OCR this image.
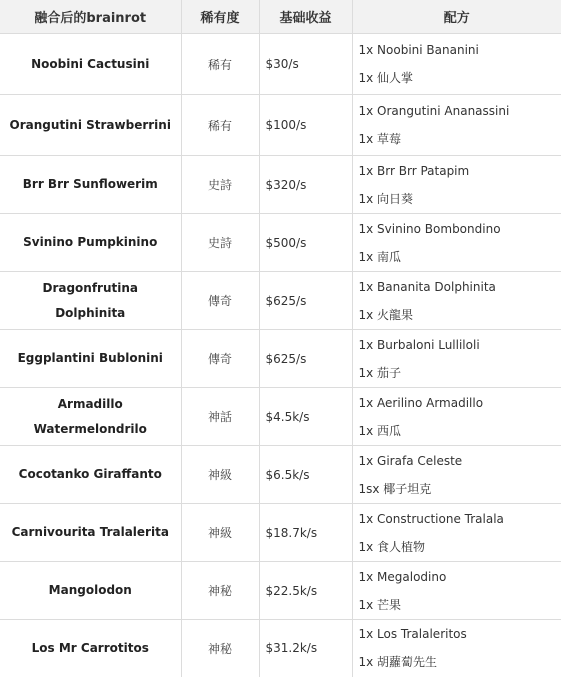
融合后的brainrot	稀有度	基础收益	配方
Noobini Cactusini	稀有	$30/s	1x Noobini Bananini
1x 仙人掌

Orangutini Strawberrini	稀有	$100/s	1x Orangutini Ananassini
1x 草莓

Brr Brr Sunflowerim	史詩	$320/s	1x Brr Brr Patapim
1x 向日葵

Svinino Pumpkinino	史詩	$500/s	1x Svinino Bombondino
1x 南瓜

Dragonfrutina Dolphinita	傳奇	$625/s	1x Bananita Dolphinita
1x 火龍果

Eggplantini Bublonini	傳奇	$625/s	1x Burbaloni Lulliloli
1x 茄子

Armadillo Watermelondrilo	神話	$4.5k/s	1x Aerilino Armadillo
1x 西瓜

Cocotanko Giraffanto	神級	$6.5k/s	1x Girafa Celeste
1sx 椰子坦克

Carnivourita Tralalerita	神級	$18.7k/s	1x Constructione Tralala
1x 食人植物

Mangolodon	神秘	$22.5k/s	1x Megalodino
1x 芒果

Los Mr Carrotitos	神秘	$31.2k/s	1x Los Tralaleritos
1x 胡蘿蔔先生
